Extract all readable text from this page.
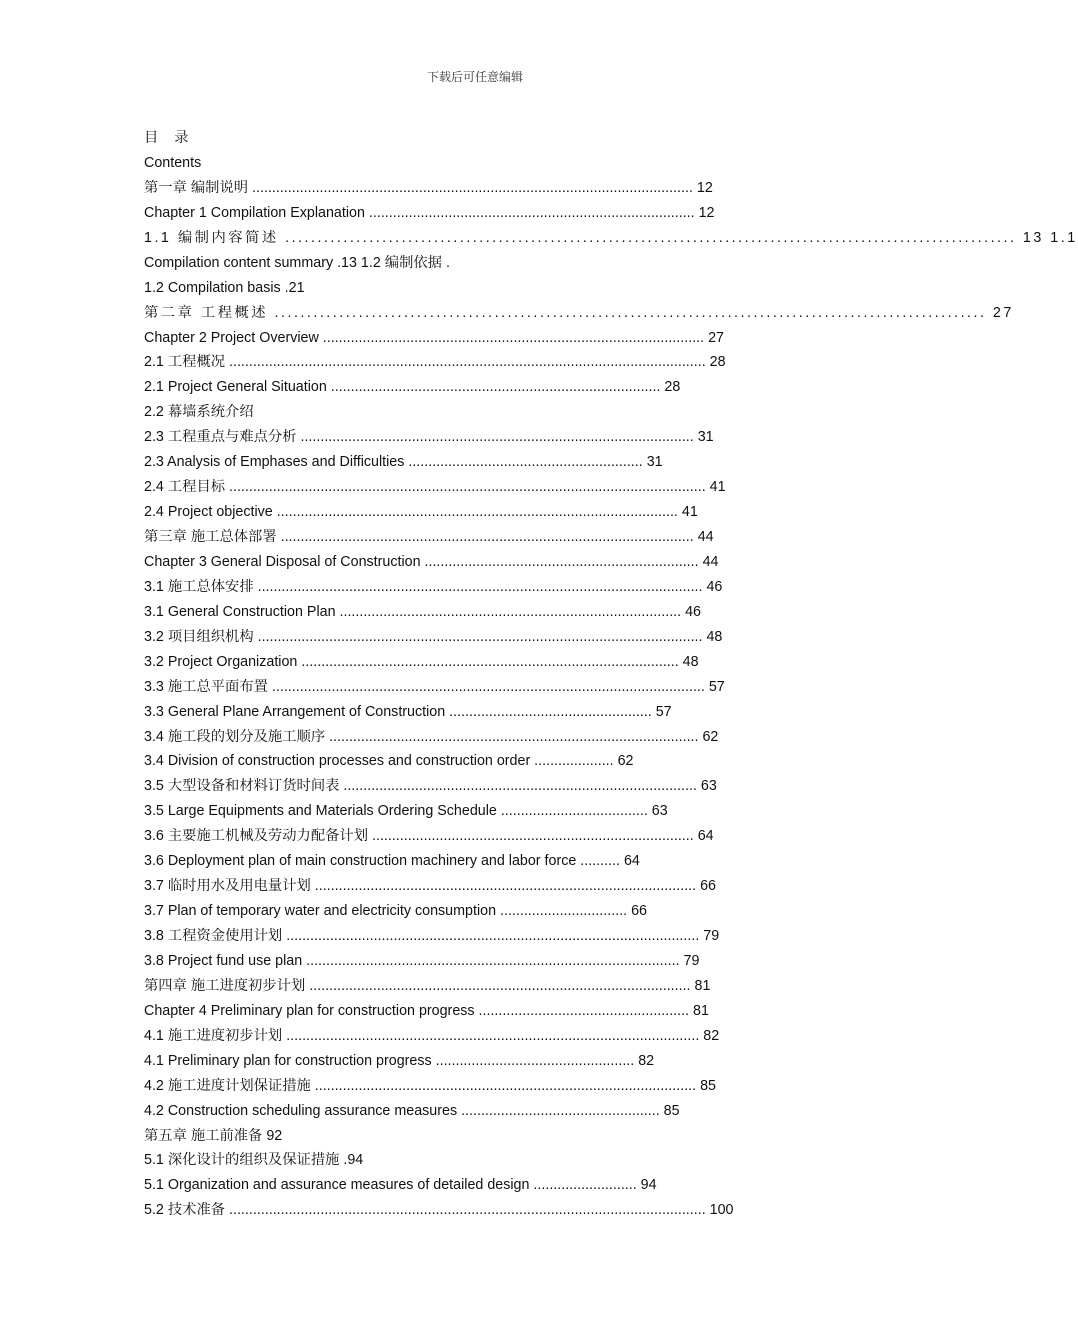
下载后可任意编辑
目 录
Contents
第一章 编制说明 ............................................................................................................... 12
Chapter 1 Compilation Explanation .................................................................................. 12
1.1 编制内容简述 ................................................................................................................. 13 1.1
Compilation content summary .13 1.2 编制依据 .
1.2 Compilation basis .21
第二章 工程概述 .............................................................................................................. 27
Chapter 2 Project Overview ................................................................................................ 27
2.1 工程概况 ........................................................................................................................ 28
2.1 Project General Situation ................................................................................... 28
2.2 幕墙系统介绍
2.3 工程重点与难点分析 ................................................................................................... 31
2.3 Analysis of Emphases and Difficulties ........................................................... 31
2.4 工程目标 ........................................................................................................................ 41
2.4 Project objective ..................................................................................................... 41
第三章 施工总体部署 ........................................................................................................ 44
Chapter 3 General Disposal of Construction ..................................................................... 44
3.1 施工总体安排 ................................................................................................................ 46
3.1 General Construction Plan ...................................................................................... 46
3.2 项目组织机构 ................................................................................................................ 48
3.2 Project Organization ............................................................................................... 48
3.3 施工总平面布置 ............................................................................................................. 57
3.3 General Plane Arrangement of Construction ................................................... 57
3.4 施工段的划分及施工顺序 ............................................................................................. 62
3.4 Division of construction processes and construction order .................... 62
3.5 大型设备和材料订货时间表 ......................................................................................... 63
3.5 Large Equipments and Materials Ordering Schedule ..................................... 63
3.6 主要施工机械及劳动力配备计划 ................................................................................. 64
3.6 Deployment plan of main construction machinery and labor force .......... 64
3.7 临时用水及用电量计划 ................................................................................................ 66
3.7 Plan of temporary water and electricity consumption ................................ 66
3.8 工程资金使用计划 ........................................................................................................ 79
3.8 Project fund use plan .............................................................................................. 79
第四章 施工进度初步计划 ................................................................................................ 81
Chapter 4 Preliminary plan for construction progress ..................................................... 81
4.1 施工进度初步计划 ........................................................................................................ 82
4.1 Preliminary plan for construction progress .................................................. 82
4.2 施工进度计划保证措施 ................................................................................................ 85
4.2 Construction scheduling assurance measures .................................................. 85
第五章 施工前准备 92
5.1 深化设计的组织及保证措施 .94
5.1 Organization and assurance measures of detailed design .......................... 94
5.2 技术准备 ........................................................................................................................ 100
